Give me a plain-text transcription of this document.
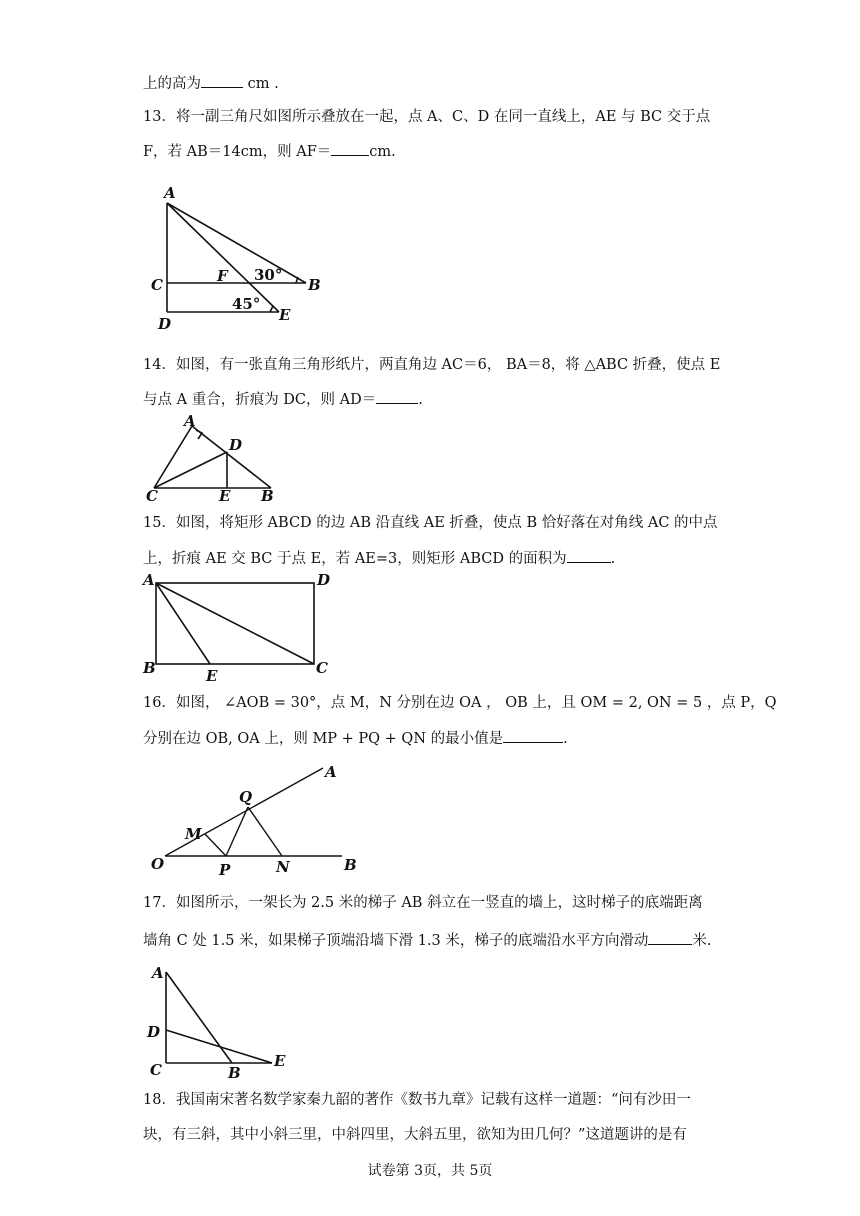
上的高为	cm .
13．将一副三角尺如图所示叠放在一起，点 A、C、D 在同一直线上，AE 与 BC 交于点
F，若 AB＝14cm，则 AF＝	cm.
A
C
D
F 30°
B
45°
E
14．如图，有一张直角三角形纸片，两直角边 AC＝6， BA＝8，将 △ABC 折叠，使点 E
与点 A 重合，折痕为 DC，则 AD＝	.
A
D
C	E B
15．如图，将矩形 ABCD 的边 AB 沿直线 AE 折叠，使点 B 恰好落在对角线 AC 的中点
上，折痕 AE 交 BC 于点 E，若 AE=3，则矩形 ABCD 的面积为	.
A	D
B	E	C
16．如图， ∠AOB = 30°，点 M，N 分别在边 OA ， OB 上，且 OM = 2, ON = 5 ，点 P，Q
分别在边 OB, OA 上，则 MP + PQ + QN 的最小值是	.
A
Q
M
O	P	N	B
17．如图所示，一架长为 2.5 米的梯子 AB 斜立在一竖直的墙上，这时梯子的底端距离
墙角 C 处 1.5 米，如果梯子顶端沿墙下滑 1.3 米，梯子的底端沿水平方向滑动	米.
A
D
C	B
E
18．我国南宋著名数学家秦九韶的著作《数书九章》记载有这样一道题：“问有沙田一
块，有三斜，其中小斜三里，中斜四里，大斜五里，欲知为田几何？”这道题讲的是有
试卷第 3页，共 5页
